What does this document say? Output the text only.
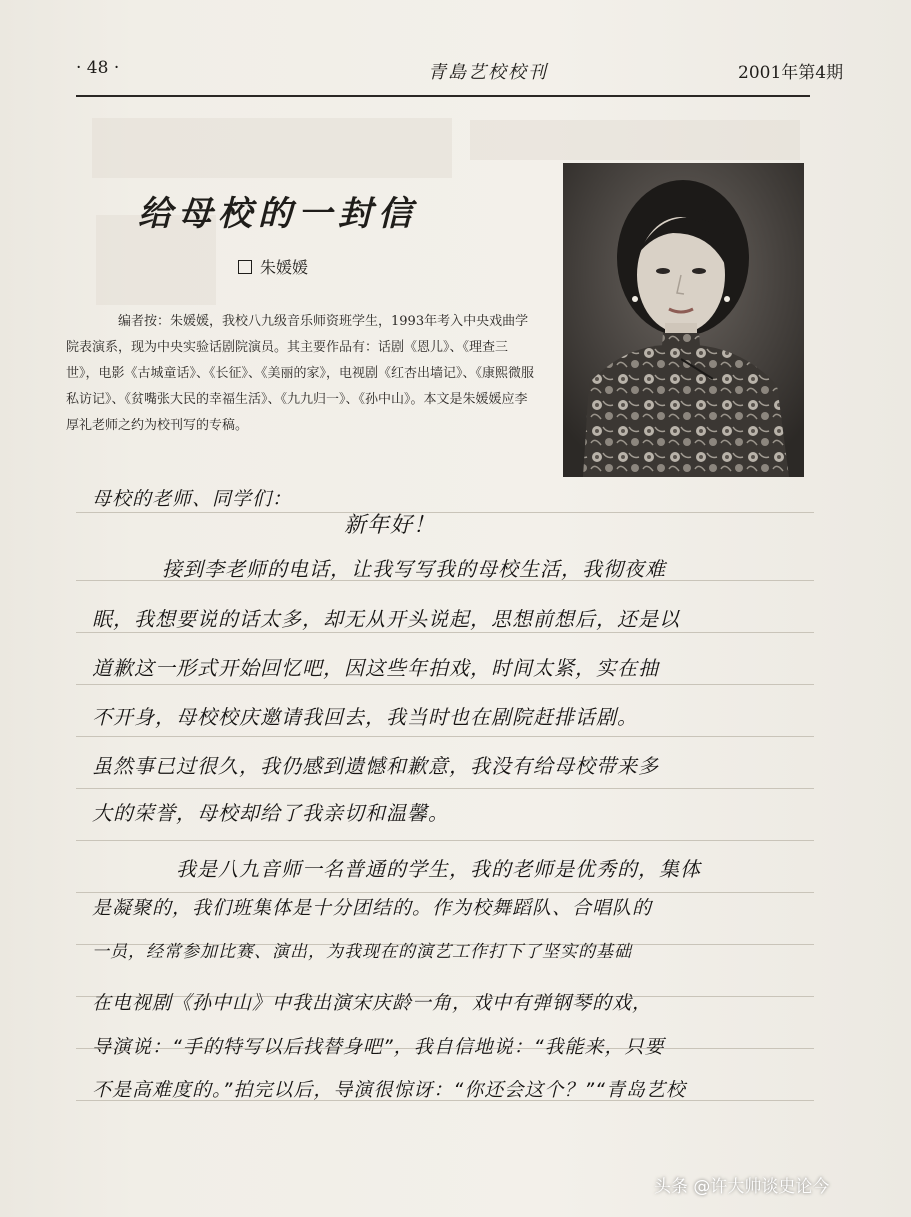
· 48 ·	青島艺校校刊	2001年第4期
给母校的一封信
朱媛媛
编者按：朱媛媛，我校八九级音乐师资班学生，1993年考入中央戏曲学院表演系，现为中央实验话剧院演员。其主要作品有：话剧《恩儿》、《理查三世》，电影《古城童话》、《长征》、《美丽的家》，电视剧《红杏出墙记》、《康熙微服私访记》、《贫嘴张大民的幸福生活》、《九九归一》、《孙中山》。本文是朱媛媛应李厚礼老师之约为校刊写的专稿。
母校的老师、同学们：
新年好！
接到李老师的电话，让我写写我的母校生活，我彻夜难
眠，我想要说的话太多，却无从开头说起，思想前想后，还是以
道歉这一形式开始回忆吧，因这些年拍戏，时间太紧，实在抽
不开身，母校校庆邀请我回去，我当时也在剧院赶排话剧。
虽然事已过很久，我仍感到遗憾和歉意，我没有给母校带来多
大的荣誉，母校却给了我亲切和温馨。
我是八九音师一名普通的学生，我的老师是优秀的，集体
是凝聚的，我们班集体是十分团结的。作为校舞蹈队、合唱队的
一员，经常参加比赛、演出，为我现在的演艺工作打下了坚实的基础
在电视剧《孙中山》中我出演宋庆龄一角，戏中有弹钢琴的戏，
导演说：“手的特写以后找替身吧”，我自信地说：“我能来，只要
不是高难度的。”拍完以后，导演很惊讶：“你还会这个？”“青岛艺校
头条 @许大帅谈史论今
